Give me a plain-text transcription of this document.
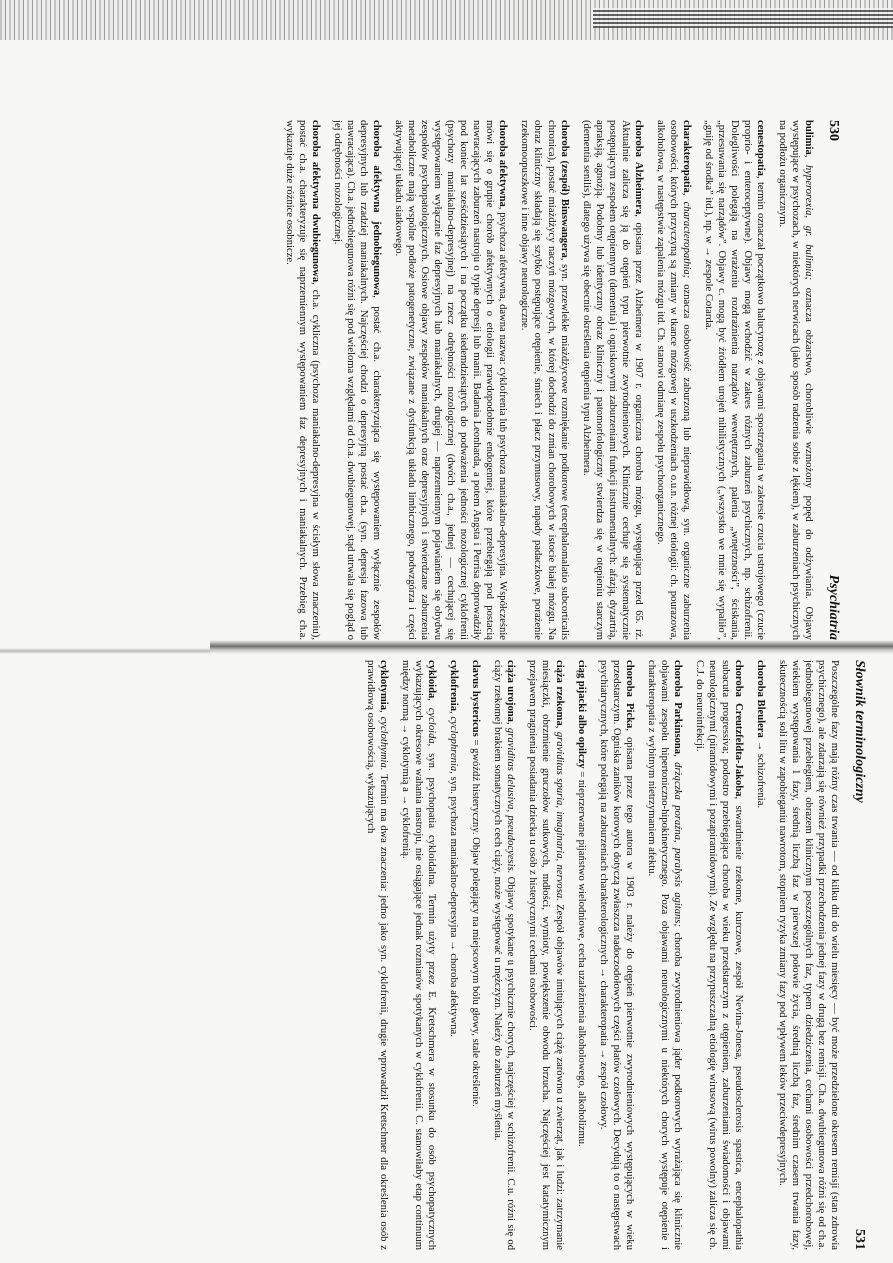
530
Psychiatria

bulimia, hyperorexia, gr. bulimia; oznacza obżarstwo, chorobliwie wzmożony popęd do odżywiania. Objawy występujące w psychozach, w niektórych nerwicach (jako sposób radzenia sobie z lękiem), w zaburzeniach psychicznych na podłożu organicznym.

cenestopatia, termin oznaczał początkowo halucynozę z objawami spostrzegania w zakresie czucia ustrojowego (czucie proprio- i enteroceptywne). Objawy mogą wchodzić w zakres różnych zaburzeń psychicznych, np. schizofrenii. Dolegliwości polegają na wrażeniu rozdrażnienia narządów wewnętrznych, palenia „wnętrzności”, ściskania, „przesuwania się narządów”. Objawy c. mogą być źródłem urojeń nihilistycznych („wszystko we mnie się wypaliło”, „gniję od środka” itd.), np. w → zespole Cotarda.

charakteropatia, characteropathia; oznacza osobowość zaburzoną lub nieprawidłową, syn. organiczne zaburzenia osobowości, których przyczyną są zmiany w tkance mózgowej w uszkodzeniach o.u.n. różnej etiologii: ch. pourazowa, alkoholowa, w następstwie zapalenia mózgu itd. Ch. stanowi odmianę zespołu psychoorganicznego.

choroba Alzheimera, opisana przez Alzheimera w 1907 r. organiczna choroba mózgu, występująca przed 65. rż. Aktualnie zalicza się ją do otępień typu pierwotnie zwyrodnieniowych. Klinicznie cechuje się systematycznie postępującym zespołem otępiennym (dementia) i ogniskowymi zaburzeniami funkcji instrumentalnych: afazją, dyzartrią, apraksją, agnozją. Podobny lub identyczny obraz kliniczny i patomorfologiczny stwierdza się w otępieniu starczym (dementia senilis), dlatego używa się obecnie określenia otępienia typu Alzheimera.

choroba (zespół) Binswangera, syn. przewlekłe miażdżycowe rozmiękanie podkorowe (encephalomalatio subcorticalis chronica), postać miażdżycy naczyń mózgowych, w której dochodzi do zmian chorobowych w istocie białej mózgu. Na obraz kliniczny składają się szybko postępujące otępienie, śmiech i płacz przymusowy, napady padaczkowe, porażenie rzekomoopuszkowe i inne objawy neurologiczne.

choroba afektywna, psychoza afektywna, dawna nazwa: cyklofrenia lub psychoza maniakalno-depresyjna. Współcześnie mówi się o grupie chorób afektywnych o etiologii prawdopodobnie endogennej, które przebiegają pod postacią nawracających zaburzeń nastroju o typie depresji lub manii. Badania Leonharda, a potem Angsta i Perrisa doprowadziły pod koniec lat sześćdziesiątych i na początku siedemdziesiątych do podważenia jedności nozologicznej cyklofrenii (psychozy maniakalno-depresyjnej) na rzecz odrębności nozologicznej (dwóch ch.a., jednej — cechującej się występowaniem wyłącznie faz depresyjnych lub maniakalnych, drugiej — naprzemiennym pojawianiem się obydwu zespołów psychopatologicznych. Osiowe objawy zespołów maniakalnych oraz depresyjnych i stwierdzane zaburzenia metaboliczne mają wspólne podłoże patogenetyczne, związane z dysfunkcją układu limbicznego, podwzgórza i części aktywującej układu siatkowego.

choroba afektywna jednobiegunowa, postać ch.a. charakteryzująca się występowaniem wyłącznie zespołów depresyjnych lub rzadziej maniakalnych. Najczęściej chodzi o depresyjną postać ch.a. (syn. depresja fazowa lub nawracająca). Ch.a. jednobiegunowa różni się pod wieloma względami od ch.a. dwubiegunowej, stąd utrwala się pogląd o jej odrębności nozologicznej.

choroba afektywna dwubiegunowa, ch.a. cykliczna (psychoza maniakalno-depresyjna w ścisłym słowa znaczeniu), postać ch.a. charakteryzuje się naprzemiennym występowaniem faz depresyjnych i maniakalnych. Przebieg ch.a. wykazuje duże różnice osobnicze.

Słownik terminologiczny
531

Poszczególne fazy mają różny czas trwania — od kilku dni do wielu miesięcy — być może przedzielone okresem remisji (stan zdrowia psychicznego), ale zdarzają się również przypadki przechodzenia jednej fazy w drugą bez remisji. Ch.a. dwubiegunowa różni się od ch.a. jednobiegunowej przebiegiem, obrazem klinicznym poszczególnych faz, typem dziedziczenia, cechami osobowości przedchorobowej, wiekiem występowania 1 fazy, średnią liczbą faz w pierwszej połowie życia, średnią liczbą faz, średnim czasem trwania fazy, skutecznością soli litu w zapobieganiu nawrotom, stopniem ryzyka zmiany fazy pod wpływem leków przeciwdepresyjnych.

choroba Bleulera → schizofrenia.

choroba Creutzfeldta-Jakoba, stwardnienie rzekome, kurczowe, zespół Nevina-Jonesa, pseudosclerosis spastica, encephalopathia subacuta progressiva; podostro przebiegająca choroba w wieku przedstarczym z otępieniem, zaburzeniami świadomości i objawami neurologicznymi (piramidowymi i pozapiramidowymi). Ze względu na przypuszczalną etiologię wirusową (wirus powolny) zalicza się ch. C.J. do neuroinfekcji.

choroba Parkinsona, drżączka poraźna, paralysis agitans; choroba zwyrodnieniowa jąder podkorowych wyrażająca się klinicznie objawami zespołu hipertoniczno-hipokinetycznego. Poza objawami neurologicznymi u niektórych chorych występuje otępienie i charakteropatia z wybitnym nietrzymaniem afektu.

choroba Picka, opisana przez tego autora w 1903 r. należy do otępień pierwotnie zwyrodnieniowych występujących w wieku przedstarczym. Ogniska zaników korowych dotyczą zwłaszcza nadoczodołowych części płatów czołowych. Decydują to o następstwach psychiatrycznych, które polegają na zaburzeniach charakterologicznych → charakteropatia → zespół czołowy.

ciąg pijacki albo opilczy = nieprzerwane pijaństwo wielodniowe, cecha uzależnienia alkoholowego, alkoholizmu.

ciąża rzekoma, graviditas spuria, imaginaria, nervosa. Zespół objawów imitujących ciążę zarówno u zwierząt, jak i ludzi: zatrzymanie miesiączki, obrzmienie gruczołów sutkowych, mdłości, wymioty, powiększenie obwodu brzucha. Najczęściej jest katatymicznym przejawem pragnienia posiadania dziecka u osób z histerycznymi cechami osobowości.

ciąża urojona, graviditas delusiva, pseudocyesis. Objawy spotykane u psychicznie chorych, najczęściej w schizofrenii. C.u. różni się od ciąży rzekomej brakiem somatycznych cech ciąży, może występować u mężczyzn. Należy do zaburzeń myślenia.

clavus hystericus = gwóźdź histeryczny. Objaw polegający na miejscowym bólu głowy, stale określenie.

cyklofrenia, cyclophrenia, syn. psychoza maniakalno-depresyjna → choroba afektywna.

cykloida, cycloida, syn. psychopatia cykloidalna. Termin użyty przez E. Kretschmera w stosunku do osób psychopatycznych wykazujących okresowe wahania nastroju, nie osiągające jednak rozmiarów spotykanych w cyklofrenii. C. stanowiłaby etap continuum między normą → cyklotymią a → cyklofrenią.

cyklotymia, cyclothymia. Termin ma dwa znaczenia: jedno jako syn. cyklofrenii, drugie wprowadził Kretschmer dla określenia osób z prawidłową osobowością, wykazujących
